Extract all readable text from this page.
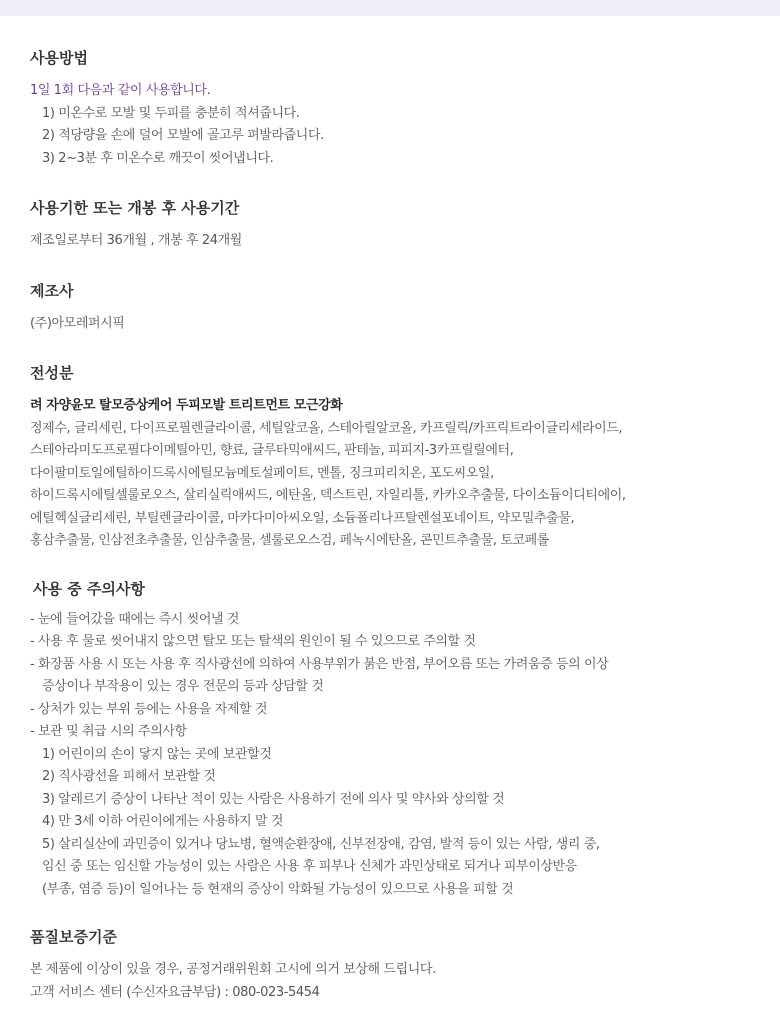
사용방법
1일 1회 다음과 같이 사용합니다.
1) 미온수로 모발 및 두피를 충분히 적셔줍니다.
2) 적당량을 손에 덜어 모발에 골고루 펴발라줍니다.
3) 2~3분 후 미온수로 깨끗이 씻어냅니다.
사용기한 또는 개봉 후 사용기간
제조일로부터 36개월 , 개봉 후 24개월
제조사
(주)아모레퍼시픽
전성분
려 자양윤모 탈모증상케어 두피모발 트리트먼트 모근강화
정제수, 글리세린, 다이프로필렌글라이콜, 세틸알코올, 스테아릴알코올, 카프릴릭/카프릭트라이글리세라이드,
스테아라미도프로필다이메틸아민, 향료, 글루타믹애씨드, 판테놀, 피피지-3카프릴릴에터,
다이팔미토일에틸하이드록시에틸모늄메토설페이트, 멘톨, 징크피리치온, 포도씨오일,
하이드록시에틸셀룰로오스, 살리실릭애씨드, 에탄올, 덱스트린, 자일리톨, 카카오추출물, 다이소듐이디티에이,
에틸헥실글리세린, 부틸렌글라이콜, 마카다미아씨오일, 소듐폴리나프탈렌설포네이트, 약모밀추출물,
홍삼추출물, 인삼전초추출물, 인삼추출물, 셀룰로오스검, 페녹시에탄올, 콘민트추출물, 토코페롤
사용 중 주의사항
- 눈에 들어갔을 때에는 즉시 씻어낼 것
- 사용 후 물로 씻어내지 않으면 탈모 또는 탈색의 원인이 될 수 있으므로 주의할 것
- 화장품 사용 시 또는 사용 후 직사광선에 의하여 사용부위가 붉은 반점, 부어오름 또는 가려움증 등의 이상
증상이나 부작용이 있는 경우 전문의 등과 상담할 것
- 상처가 있는 부위 등에는 사용을 자제할 것
- 보관 및 취급 시의 주의사항
1) 어린이의 손이 닿지 않는 곳에 보관할것
2) 직사광선을 피해서 보관할 것
3) 알레르기 증상이 나타난 적이 있는 사람은 사용하기 전에 의사 및 약사와 상의할 것
4) 만 3세 이하 어린이에게는 사용하지 말 것
5) 살리실산에 과민증이 있거나 당뇨병, 혈액순환장애, 신부전장애, 감염, 발적 등이 있는 사람, 생리 중,
임신 중 또는 임신할 가능성이 있는 사람은 사용 후 피부나 신체가 과민상태로 되거나 피부이상반응
(부종, 염증 등)이 일어나는 등 현재의 증상이 악화될 가능성이 있으므로 사용을 피할 것
품질보증기준
본 제품에 이상이 있을 경우, 공정거래위원회 고시에 의거 보상해 드립니다.
고객 서비스 센터 (수신자요금부담) : 080-023-5454
